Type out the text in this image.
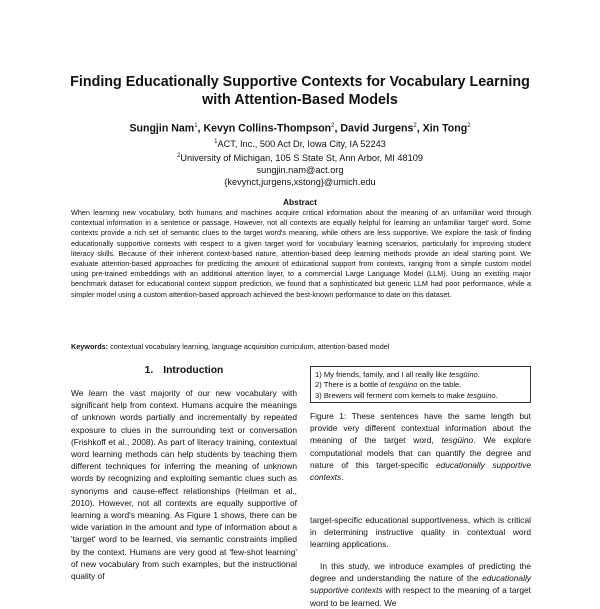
Finding Educationally Supportive Contexts for Vocabulary Learning
with Attention-Based Models
Sungjin Nam$^1$, Kevyn Collins-Thompson$^2$, David Jurgens$^2$, Xin Tong$^2$
$^1$ACT, Inc., 500 Act Dr, Iowa City, IA 52243
$^2$University of Michigan, 105 S State St, Ann Arbor, MI 48109
sungjin.nam@act.org
{kevynct,jurgens,xstong}@umich.edu
Abstract

When learning new vocabulary, both humans and machines acquire critical information about the meaning of an unfamiliar word through contextual information in a sentence or passage. However, not all contexts are equally helpful for learning an unfamiliar 'target' word. Some contexts provide a rich set of semantic clues to the target word's meaning, while others are less supportive. We explore the task of finding educationally supportive contexts with respect to a given target word for vocabulary learning scenarios, particularly for improving student literacy skills. Because of their inherent context-based nature, attention-based deep learning methods provide an ideal starting point. We evaluate attention-based approaches for predicting the amount of educational support from contexts, ranging from a simple custom model using pre-trained embeddings with an additional attention layer, to a commercial Large Language Model (LLM). Using an existing major benchmark dataset for educational context support prediction, we found that a sophisticated but generic LLM had poor performance, while a simpler model using a custom attention-based approach achieved the best-known performance to date on this dataset.

Keywords: contextual vocabulary learning, language acquisition curriculum, attention-based model
1. Introduction

We learn the vast majority of our new vocabulary with significant help from context. Humans acquire the meanings of unknown words partially and incrementally by repeated exposure to clues in the surrounding text or conversation (Frishkoff et al., 2008). As part of literacy training, contextual word learning methods can help students by teaching them different techniques for inferring the meaning of unknown words by recognizing and exploiting semantic clues such as synonyms and cause-effect relationships (Heilman et al., 2010). However, not all contexts are equally supportive of learning a word's meaning. As Figure 1 shows, there can be wide variation in the amount and type of information about a 'target' word to be learned, via semantic constraints implied by the context. Humans are very good at 'few-shot learning' of new vocabulary from such examples, but the instructional quality of

1) My friends, family, and I all really like tesgüino.
2) There is a bottle of tesgüino on the table.
3) Brewers will ferment corn kernels to make tesgüino.

Figure 1: These sentences have the same length but provide very different contextual information about the meaning of the target word, tesgüino. We explore computational models that can quantify the degree and nature of this target-specific educationally supportive contexts.

target-specific educational supportiveness, which is critical in determining instructive quality in contextual word learning applications.

In this study, we introduce examples of predicting the degree and understanding the nature of the educationally supportive contexts with respect to the meaning of a target word to be learned. We
